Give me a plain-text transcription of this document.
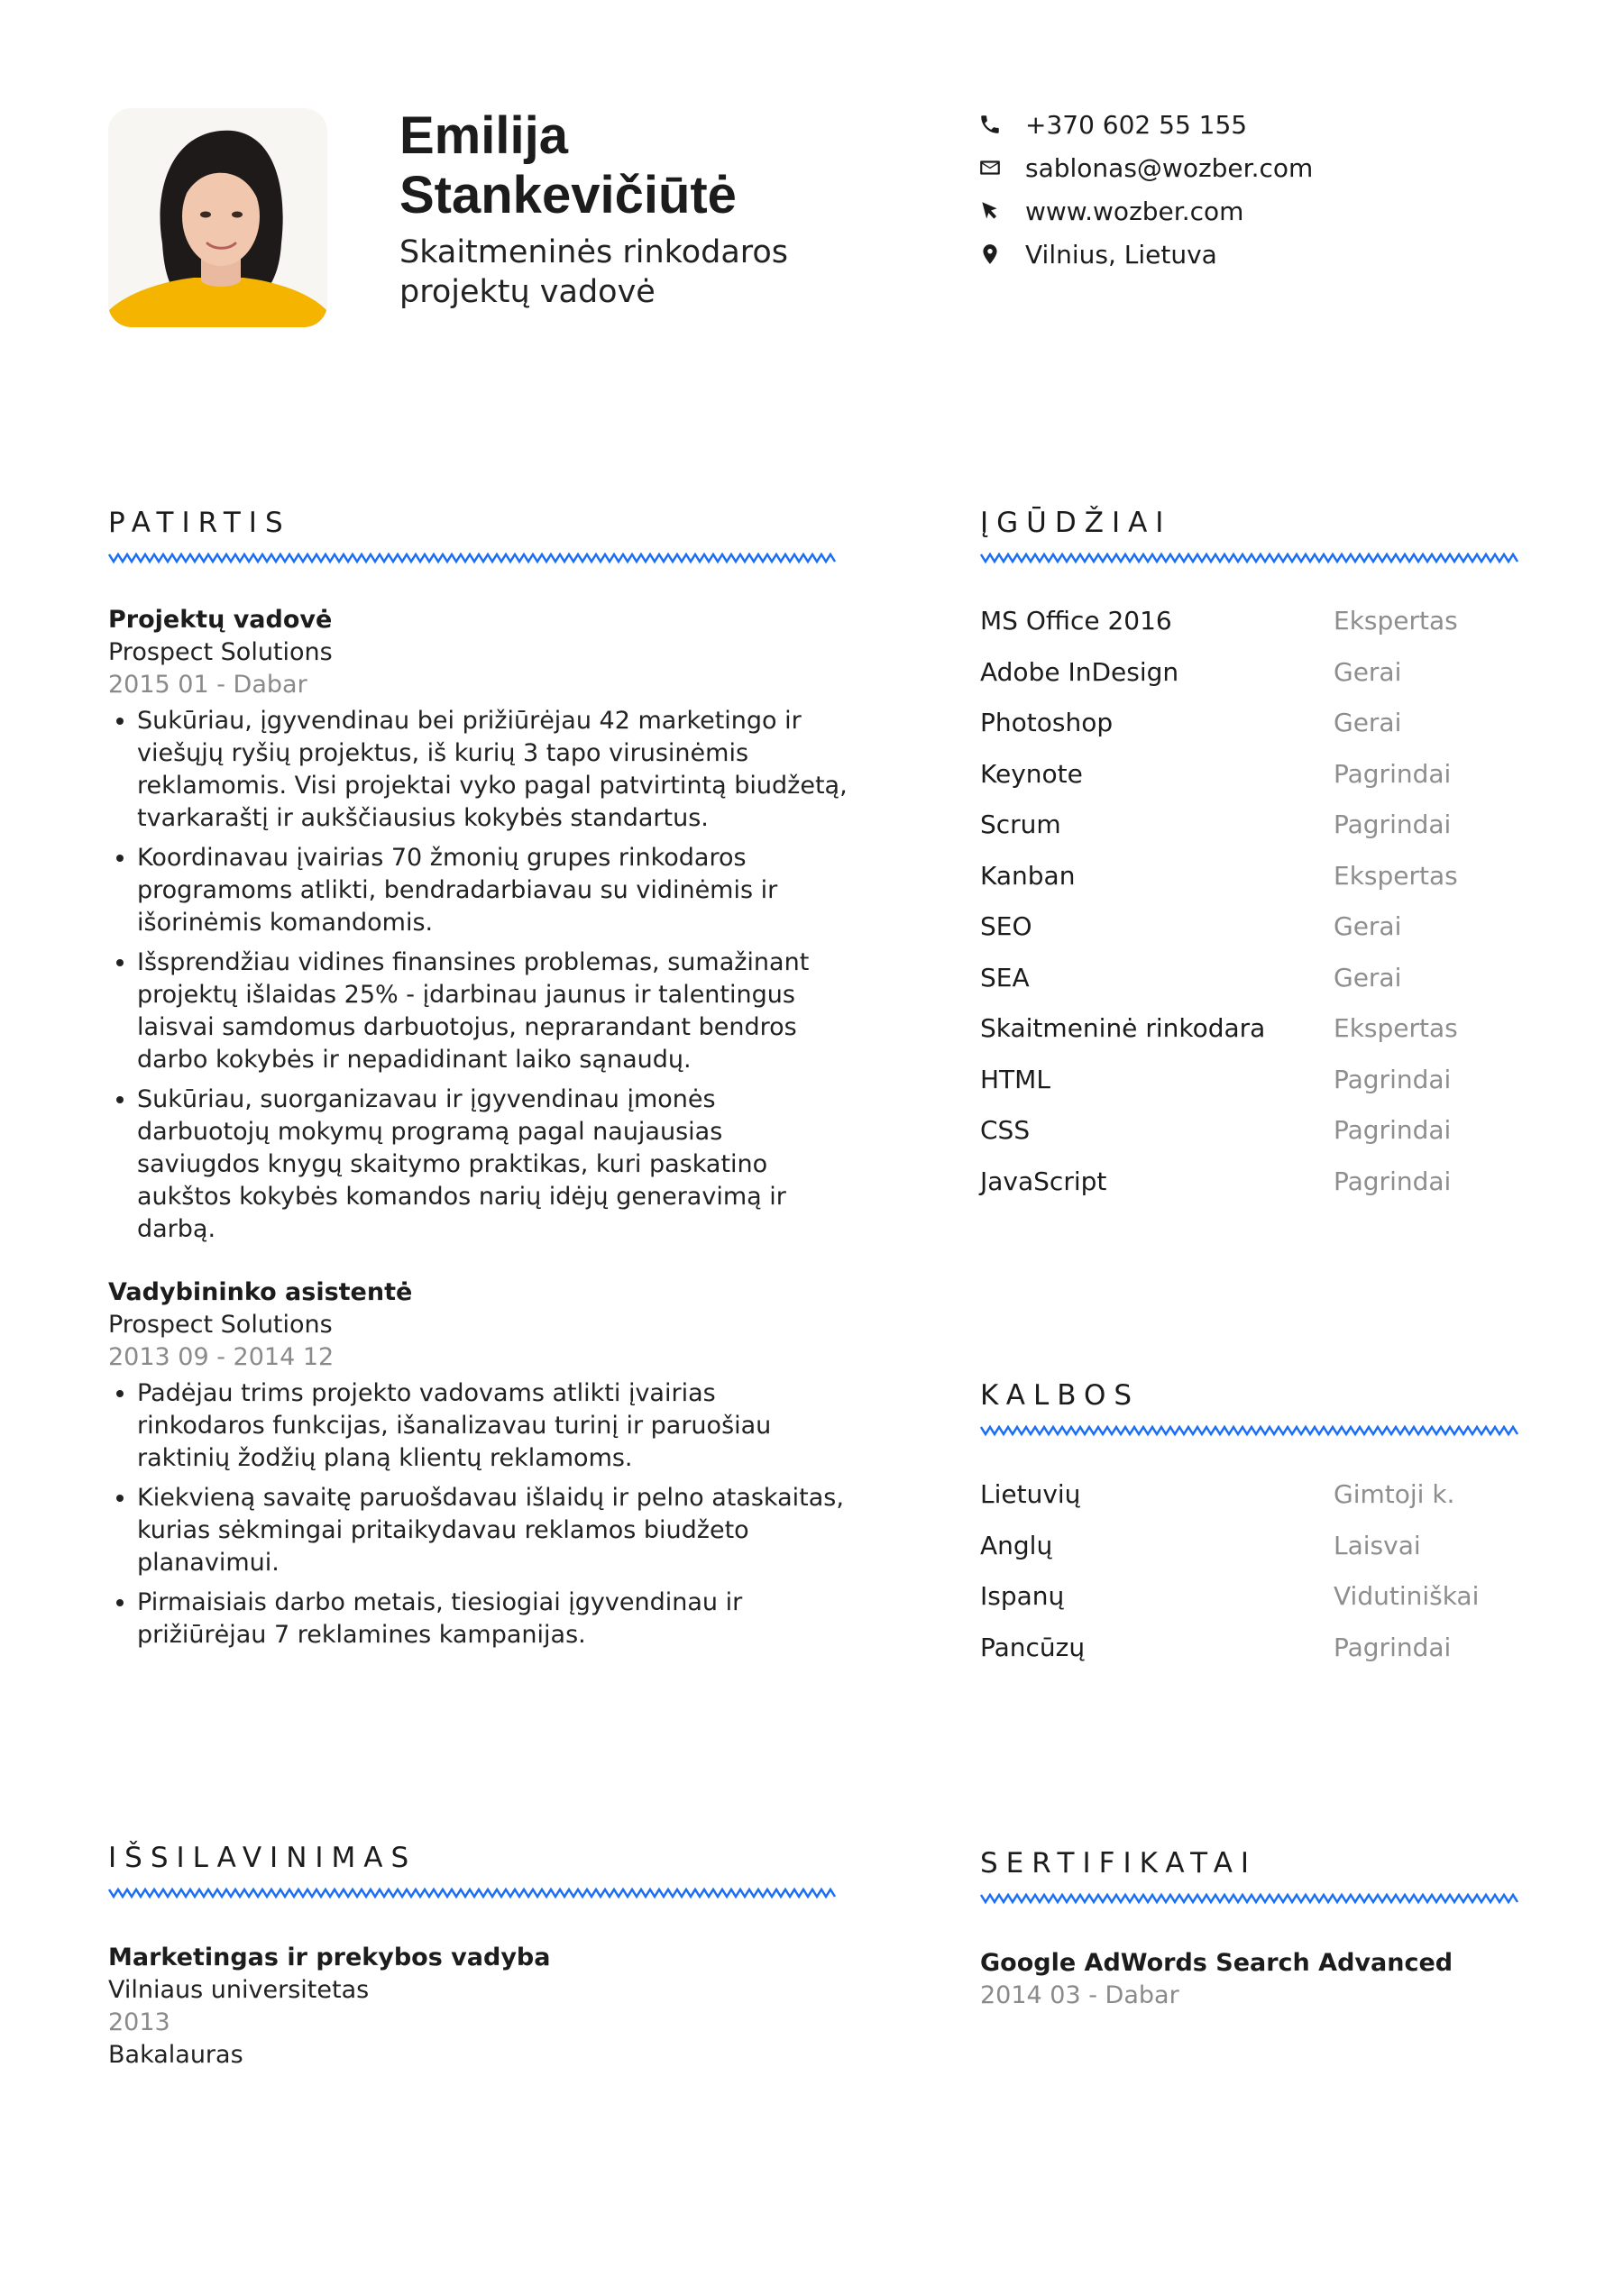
Emilija
Stankevičiūtė
Skaitmeninės rinkodaros
projektų vadovė
+370 602 55 155
sablonas@wozber.com
www.wozber.com
Vilnius, Lietuva
PATIRTIS
Projektų vadovė
Prospect Solutions
2015 01 - Dabar
• Sukūriau, įgyvendinau bei prižiūrėjau 42 marketingo ir viešųjų ryšių projektus, iš kurių 3 tapo virusinėmis reklamomis. Visi projektai vyko pagal patvirtintą biudžetą, tvarkaraštį ir aukščiausius kokybės standartus.
• Koordinavau įvairias 70 žmonių grupes rinkodaros programoms atlikti, bendradarbiavau su vidinėmis ir išorinėmis komandomis.
• Išsprendžiau vidines finansines problemas, sumažinant projektų išlaidas 25% - įdarbinau jaunus ir talentingus laisvai samdomus darbuotojus, neprarandant bendros darbo kokybės ir nepadidinant laiko sąnaudų.
• Sukūriau, suorganizavau ir įgyvendinau įmonės darbuotojų mokymų programą pagal naujausias saviugdos knygų skaitymo praktikas, kuri paskatino aukštos kokybės komandos narių idėjų generavimą ir darbą.
Vadybininko asistentė
Prospect Solutions
2013 09 - 2014 12
• Padėjau trims projekto vadovams atlikti įvairias rinkodaros funkcijas, išanalizavau turinį ir paruošiau raktinių žodžių planą klientų reklamoms.
• Kiekvieną savaitę paruošdavau išlaidų ir pelno ataskaitas, kurias sėkmingai pritaikydavau reklamos biudžeto planavimui.
• Pirmaisiais darbo metais, tiesiogiai įgyvendinau ir prižiūrėjau 7 reklamines kampanijas.
ĮGŪDŽIAI
MS Office 2016	Ekspertas
Adobe InDesign	Gerai
Photoshop	Gerai
Keynote	Pagrindai
Scrum	Pagrindai
Kanban	Ekspertas
SEO	Gerai
SEA	Gerai
Skaitmeninė rinkodara	Ekspertas
HTML	Pagrindai
CSS	Pagrindai
JavaScript	Pagrindai
KALBOS
Lietuvių	Gimtoji k.
Anglų	Laisvai
Ispanų	Vidutiniškai
Pancūzų	Pagrindai
IŠSILAVINIMAS
Marketingas ir prekybos vadyba
Vilniaus universitetas
2013
Bakalauras
SERTIFIKATAI
Google AdWords Search Advanced
2014 03 - Dabar
